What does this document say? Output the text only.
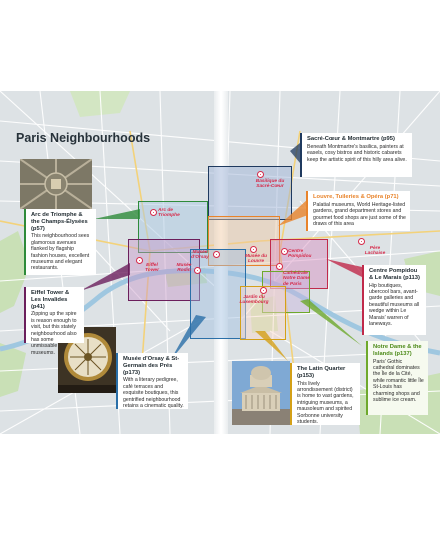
Paris Neighbourhoods
Basilique du Sacré-Cœur
Arc de Triomphe
Musée du Louvre
Centre Pompidou
Père Lachaise
Musée d'Orsay
Eiffel Tower
Musée Rodin
Cathédrale Notre Dame de Paris
Jardin du Luxembourg
Sacré-Cœur & Montmartre (p95)
Beneath Montmartre's basilica, painters at easels, cosy bistros and historic cabarets keep the artistic spirit of this hilly area alive.
Louvre, Tuileries & Opéra (p71)
Palatial museums, World Heritage-listed gardens, grand department stores and gourmet food shops are just some of the draws of this area
Arc de Triomphe & the Champs-Élysées (p57)
This neighbourhood sees glamorous avenues flanked by flagship fashion houses, excellent museums and elegant restaurants.
Eiffel Tower & Les Invalides (p41)
Zipping up the spire is reason enough to visit, but this stately neighbourhood also has some unmissable museums.
Centre Pompidou & Le Marais (p113)
Hip boutiques, ubercool bars, avant-garde galleries and beautiful museums all wedge within Le Marais' warren of laneways.
Musée d'Orsay & St-Germain des Prés (p173)
With a literary pedigree, café terraces and exquisite boutiques, this gentrified neighbourhood retains a cinematic quality.
The Latin Quarter (p153)
This lively arrondissement (district) is home to vast gardens, intriguing museums, a mausoleum and spirited Sorbonne university students.
Notre Dame & the Islands (p137)
Paris' Gothic cathedral dominates the Île de la Cité, while romantic little Île St-Louis has charming shops and sublime ice cream.
